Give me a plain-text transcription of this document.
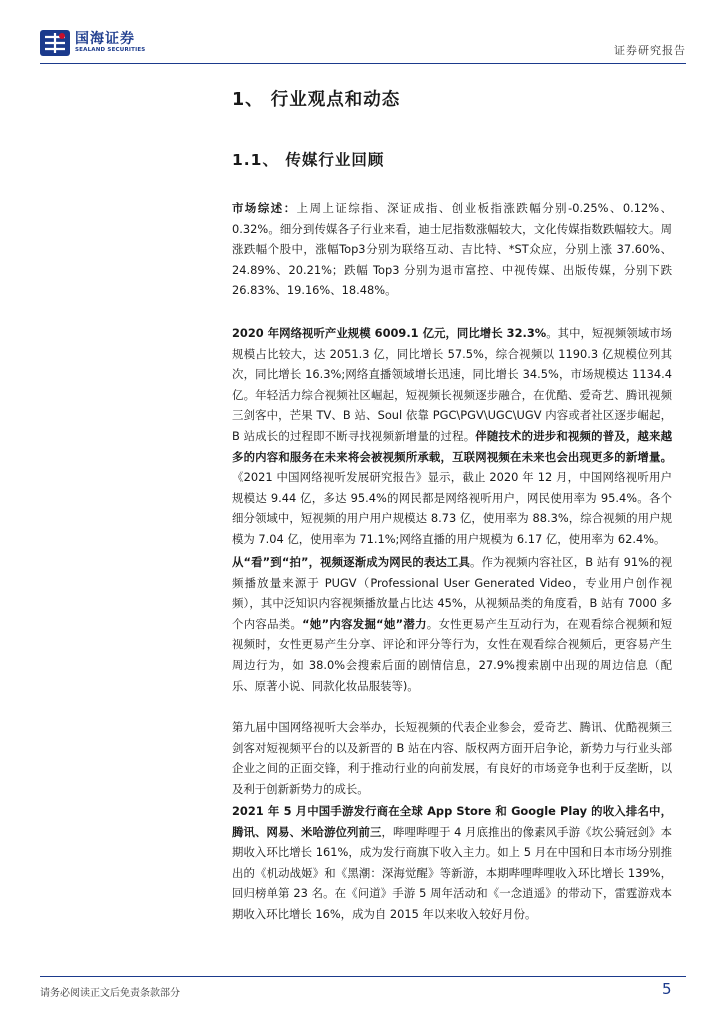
国海证券
SEALAND SECURITIES	证券研究报告
1、 行业观点和动态
1.1、 传媒行业回顾
市场综述：上周上证综指、深证成指、创业板指涨跌幅分别-0.25%、0.12%、0.32%。细分到传媒各子行业来看，迪士尼指数涨幅较大，文化传媒指数跌幅较大。周涨跌幅个股中，涨幅Top3分别为联络互动、吉比特、*ST众应，分别上涨 37.60%、24.89%、20.21%；跌幅 Top3 分别为退市富控、中视传媒、出版传媒，分别下跌 26.83%、19.16%、18.48%。
2020 年网络视听产业规模 6009.1 亿元，同比增长 32.3%。其中，短视频领域市场规模占比较大，达 2051.3 亿，同比增长 57.5%，综合视频以 1190.3 亿规模位列其次，同比增长 16.3%;网络直播领域增长迅速，同比增长 34.5%，市场规模达 1134.4 亿。年轻活力综合视频社区崛起，短视频长视频逐步融合，在优酷、爱奇艺、腾讯视频三剑客中，芒果 TV、B 站、Soul 依靠 PGC\PGV\UGC\UGV 内容或者社区逐步崛起，B 站成长的过程即不断寻找视频新增量的过程。伴随技术的进步和视频的普及，越来越多的内容和服务在未来将会被视频所承载，互联网视频在未来也会出现更多的新增量。《2021 中国网络视听发展研究报告》显示，截止 2020 年 12 月，中国网络视听用户规模达 9.44 亿，多达 95.4%的网民都是网络视听用户，网民使用率为 95.4%。各个细分领域中，短视频的用户用户规模达 8.73 亿，使用率为 88.3%，综合视频的用户规模为 7.04 亿，使用率为 71.1%;网络直播的用户规模为 6.17 亿，使用率为 62.4%。
从“看”到“拍”，视频逐渐成为网民的表达工具。作为视频内容社区，B 站有 91%的视频播放量来源于 PUGV（Professional User Generated Video，专业用户创作视频），其中泛知识内容视频播放量占比达 45%，从视频品类的角度看，B 站有 7000 多个内容品类。“她”内容发掘“她”潜力。女性更易产生互动行为，在观看综合视频和短视频时，女性更易产生分享、评论和评分等行为，女性在观看综合视频后，更容易产生周边行为，如 38.0%会搜索后面的剧情信息，27.9%搜索剧中出现的周边信息（配乐、原著小说、同款化妆品服装等)。
第九届中国网络视听大会举办，长短视频的代表企业参会，爱奇艺、腾讯、优酷视频三剑客对短视频平台的以及新晋的 B 站在内容、版权两方面开启争论，新势力与行业头部企业之间的正面交锋，利于推动行业的向前发展，有良好的市场竞争也利于反垄断，以及利于创新新势力的成长。
2021 年 5 月中国手游发行商在全球 App Store 和 Google Play 的收入排名中，腾讯、网易、米哈游位列前三，哔哩哔哩于 4 月底推出的像素风手游《坎公骑冠剑》本期收入环比增长 161%，成为发行商旗下收入主力。如上 5 月在中国和日本市场分别推出的《机动战姬》和《黑潮：深海觉醒》等新游，本期哔哩哔哩收入环比增长 139%，回归榜单第 23 名。在《问道》手游 5 周年活动和《一念逍遥》的带动下，雷霆游戏本期收入环比增长 16%，成为自 2015 年以来收入较好月份。
请务必阅读正文后免责条款部分	5
